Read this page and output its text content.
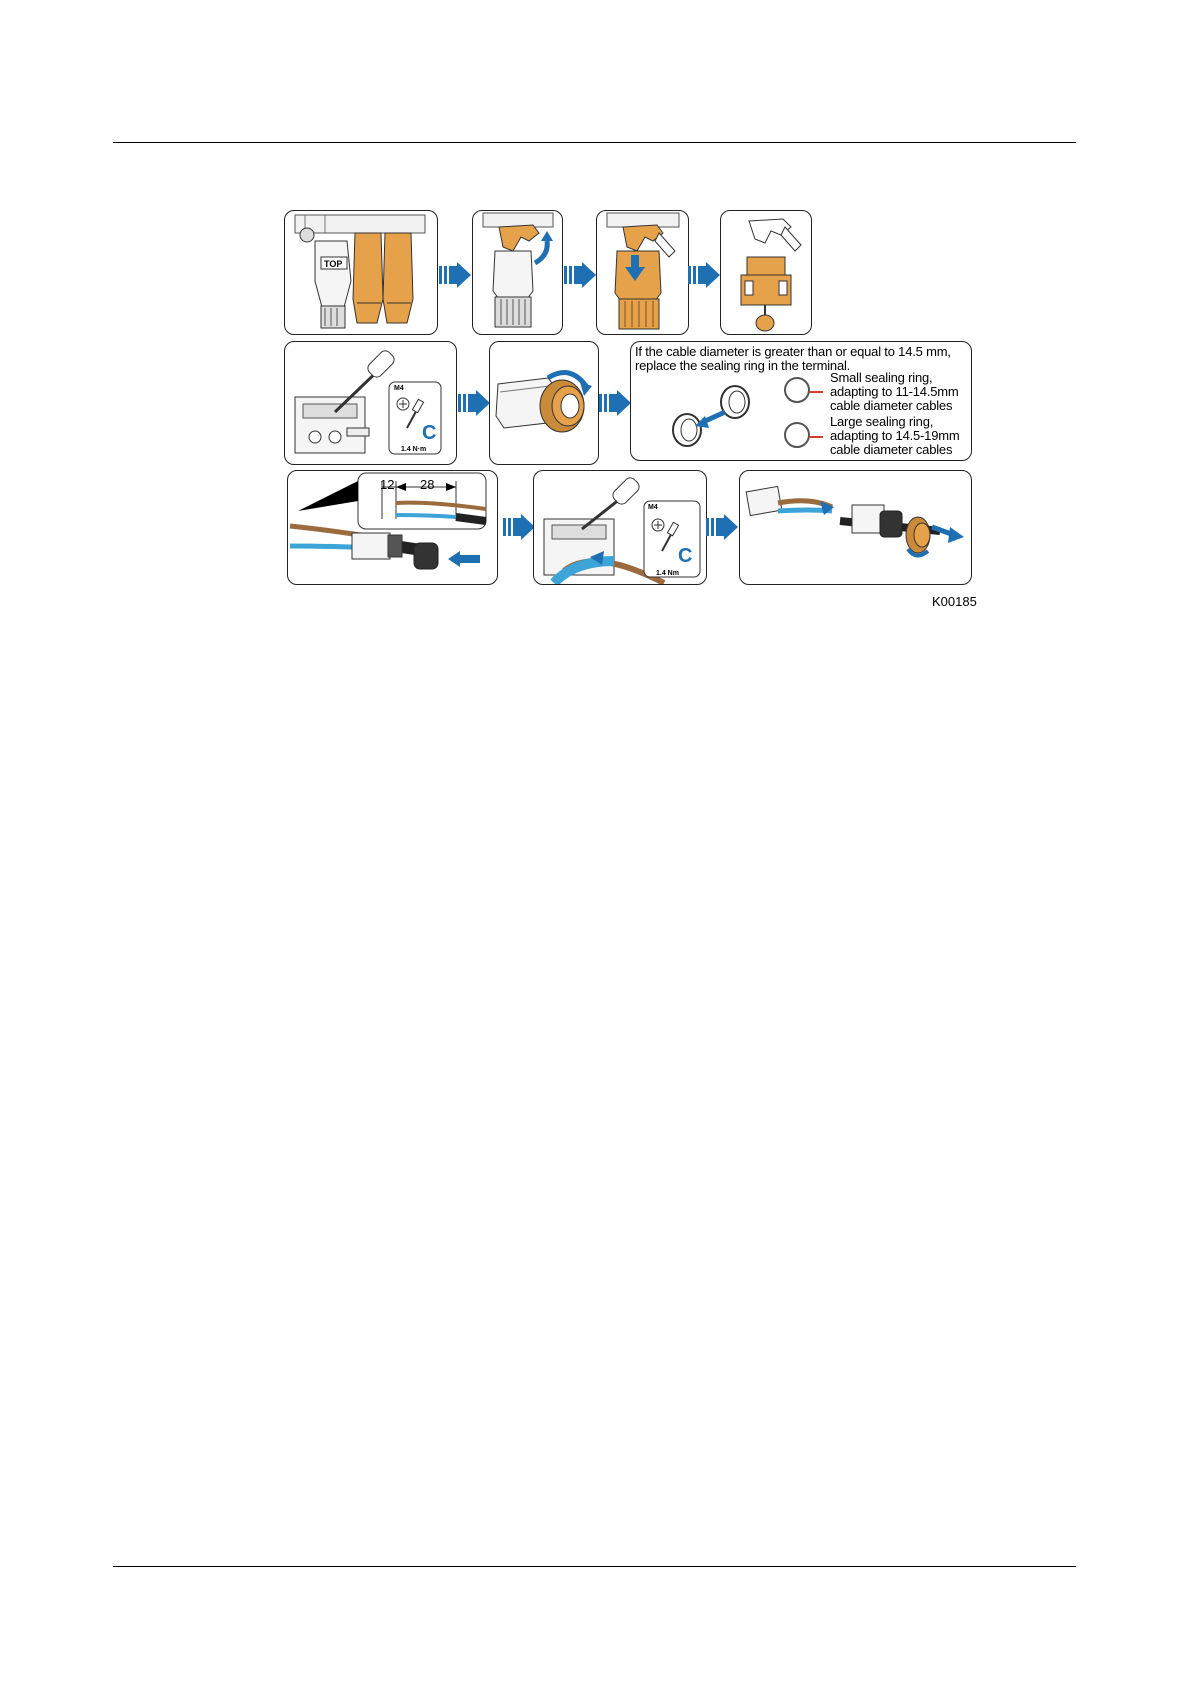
TOP
M4
C
1.4 N·m
If the cable diameter is greater than or equal to 14.5 mm,
replace the sealing ring in the terminal.
Small sealing ring,
adapting to 11-14.5mm
cable diameter cables
Large sealing ring,
adapting to 14.5-19mm
cable diameter cables
12 28
M4
C
1.4 Nm
K00185
